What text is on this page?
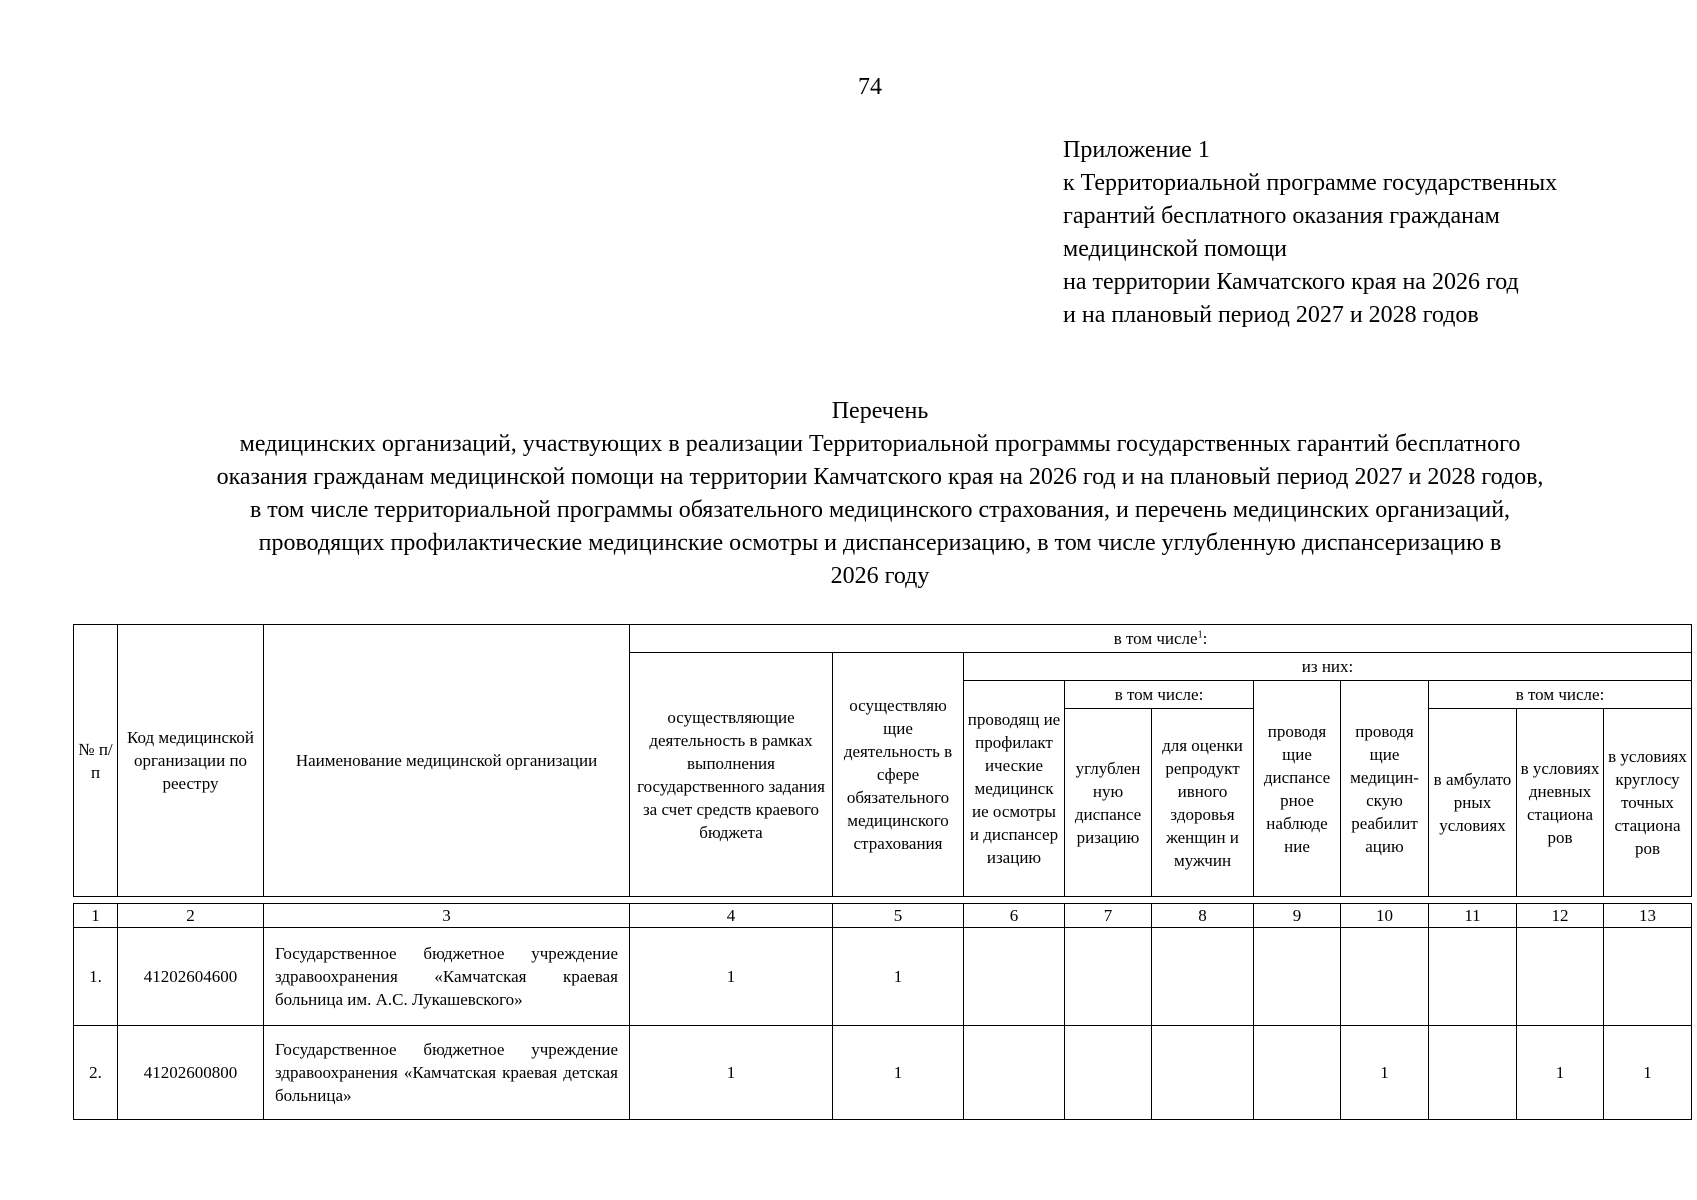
74
Приложение 1
к Территориальной программе государственных
гарантий бесплатного оказания гражданам
медицинской помощи
на территории Камчатского края на 2026 год
и на плановый период 2027 и 2028 годов
Перечень
медицинских организаций, участвующих в реализации Территориальной программы государственных гарантий бесплатного
оказания гражданам медицинской помощи на территории Камчатского края на 2026 год и на плановый период 2027 и 2028 годов,
в том числе территориальной программы обязательного медицинского страхования, и перечень медицинских организаций,
проводящих профилактические медицинские осмотры и диспансеризацию, в том числе углубленную диспансеризацию в
2026 году
№ п/п	Код медицинской организации по реестру	Наименование медицинской организации	в том числе$^1$:									
			осуществляющие деятельность в рамках выполнения государственного задания за счет средств краевого бюджета	осуществляю щие деятельность в сфере обязательного медицинского страхования	из них:							
					проводящ ие профилакт ические медицинск ие осмотры и диспансер изацию	в том числе:		проводя щие диспансе рное наблюде ние	проводя щие медицин- скую реабилит ацию	в том числе:		
						углублен ную диспансе ризацию	для оценки репродукт ивного здоровья женщин и мужчин			в амбулато рных условиях	в условиях дневных стациона ров	в условиях круглосу точных стациона ров

1	2	3	4	5	6	7	8	9	10	11	12	13
1.	41202604600	Государственное бюджетное учреждение здравоохранения «Камчатская краевая больница им. А.С. Лукашевского»	1	1								
2.	41202600800	Государственное бюджетное учреждение здравоохранения «Камчатская краевая детская больница»	1	1					1		1	1
